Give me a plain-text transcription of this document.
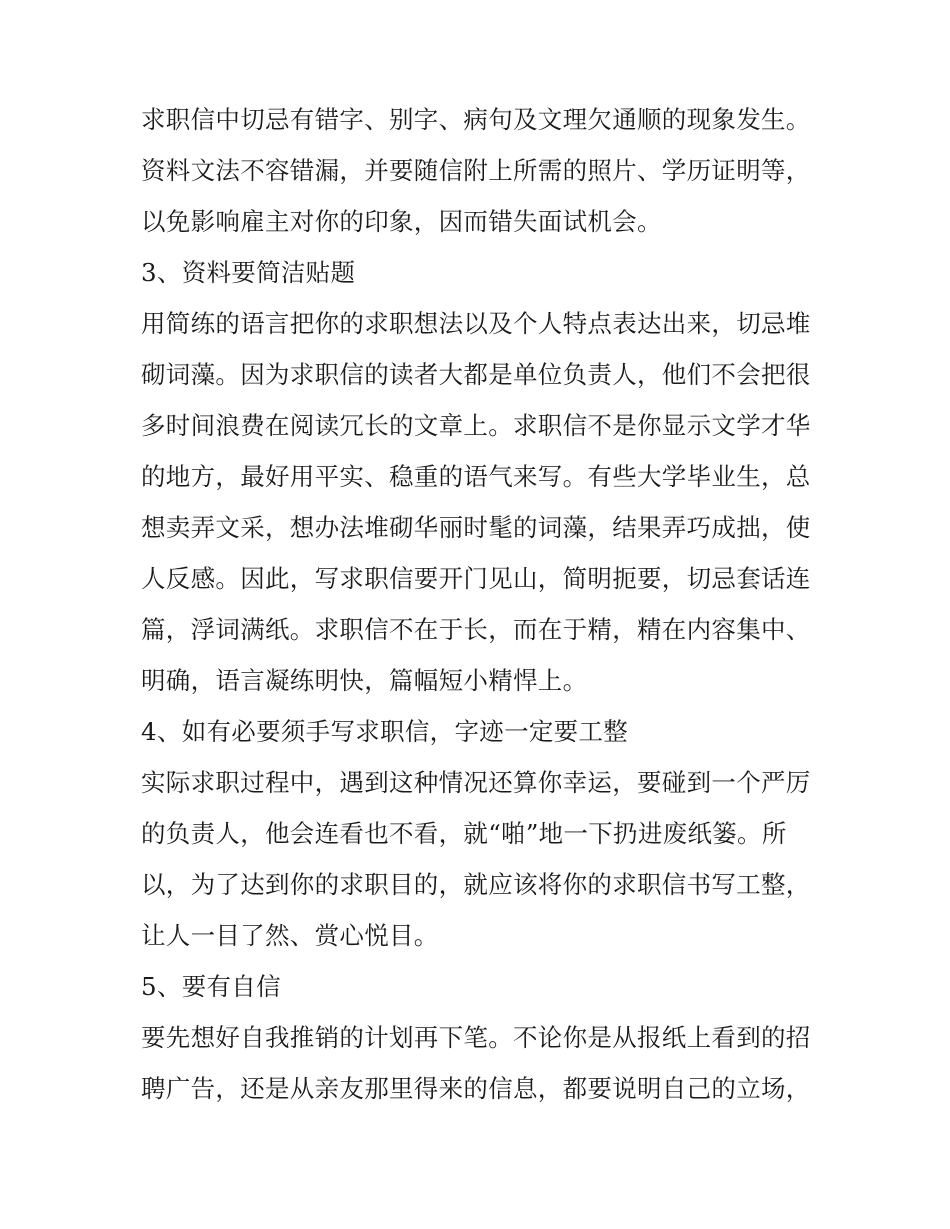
求职信中切忌有错字、别字、病句及文理欠通顺的现象发生。
资料文法不容错漏，并要随信附上所需的照片、学历证明等，
以免影响雇主对你的印象，因而错失面试机会。
3、资料要简洁贴题
用简练的语言把你的求职想法以及个人特点表达出来，切忌堆
砌词藻。因为求职信的读者大都是单位负责人，他们不会把很
多时间浪费在阅读冗长的文章上。求职信不是你显示文学才华
的地方，最好用平实、稳重的语气来写。有些大学毕业生，总
想卖弄文采，想办法堆砌华丽时髦的词藻，结果弄巧成拙，使
人反感。因此，写求职信要开门见山，简明扼要，切忌套话连
篇，浮词满纸。求职信不在于长，而在于精，精在内容集中、
明确，语言凝练明快，篇幅短小精悍上。
4、如有必要须手写求职信，字迹一定要工整
实际求职过程中，遇到这种情况还算你幸运，要碰到一个严厉
的负责人，他会连看也不看，就“啪”地一下扔进废纸篓。所
以，为了达到你的求职目的，就应该将你的求职信书写工整，
让人一目了然、赏心悦目。
5、要有自信
要先想好自我推销的计划再下笔。不论你是从报纸上看到的招
聘广告，还是从亲友那里得来的信息，都要说明自己的立场，
